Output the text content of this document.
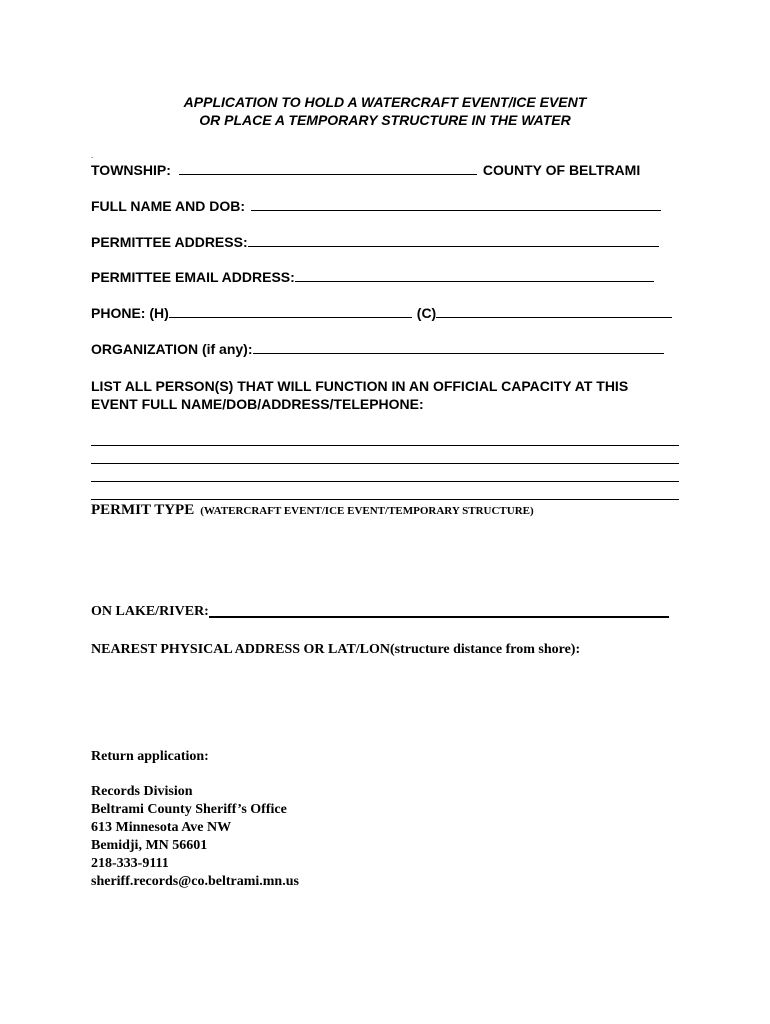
APPLICATION TO HOLD A WATERCRAFT EVENT/ICE EVENT
OR PLACE A TEMPORARY STRUCTURE IN THE WATER
.
TOWNSHIP:	COUNTY OF BELTRAMI
FULL NAME AND DOB:
PERMITTEE ADDRESS:
PERMITTEE EMAIL ADDRESS:
PHONE: (H)	(C)
ORGANIZATION (if any):
LIST ALL PERSON(S) THAT WILL FUNCTION IN AN OFFICIAL CAPACITY AT THIS
EVENT FULL NAME/DOB/ADDRESS/TELEPHONE:
PERMIT TYPE (WATERCRAFT EVENT/ICE EVENT/TEMPORARY STRUCTURE)
ON LAKE/RIVER:
NEAREST PHYSICAL ADDRESS OR LAT/LON(structure distance from shore):
Return application:
Records Division
Beltrami County Sheriff’s Office
613 Minnesota Ave NW
Bemidji, MN 56601
218-333-9111
sheriff.records@co.beltrami.mn.us
